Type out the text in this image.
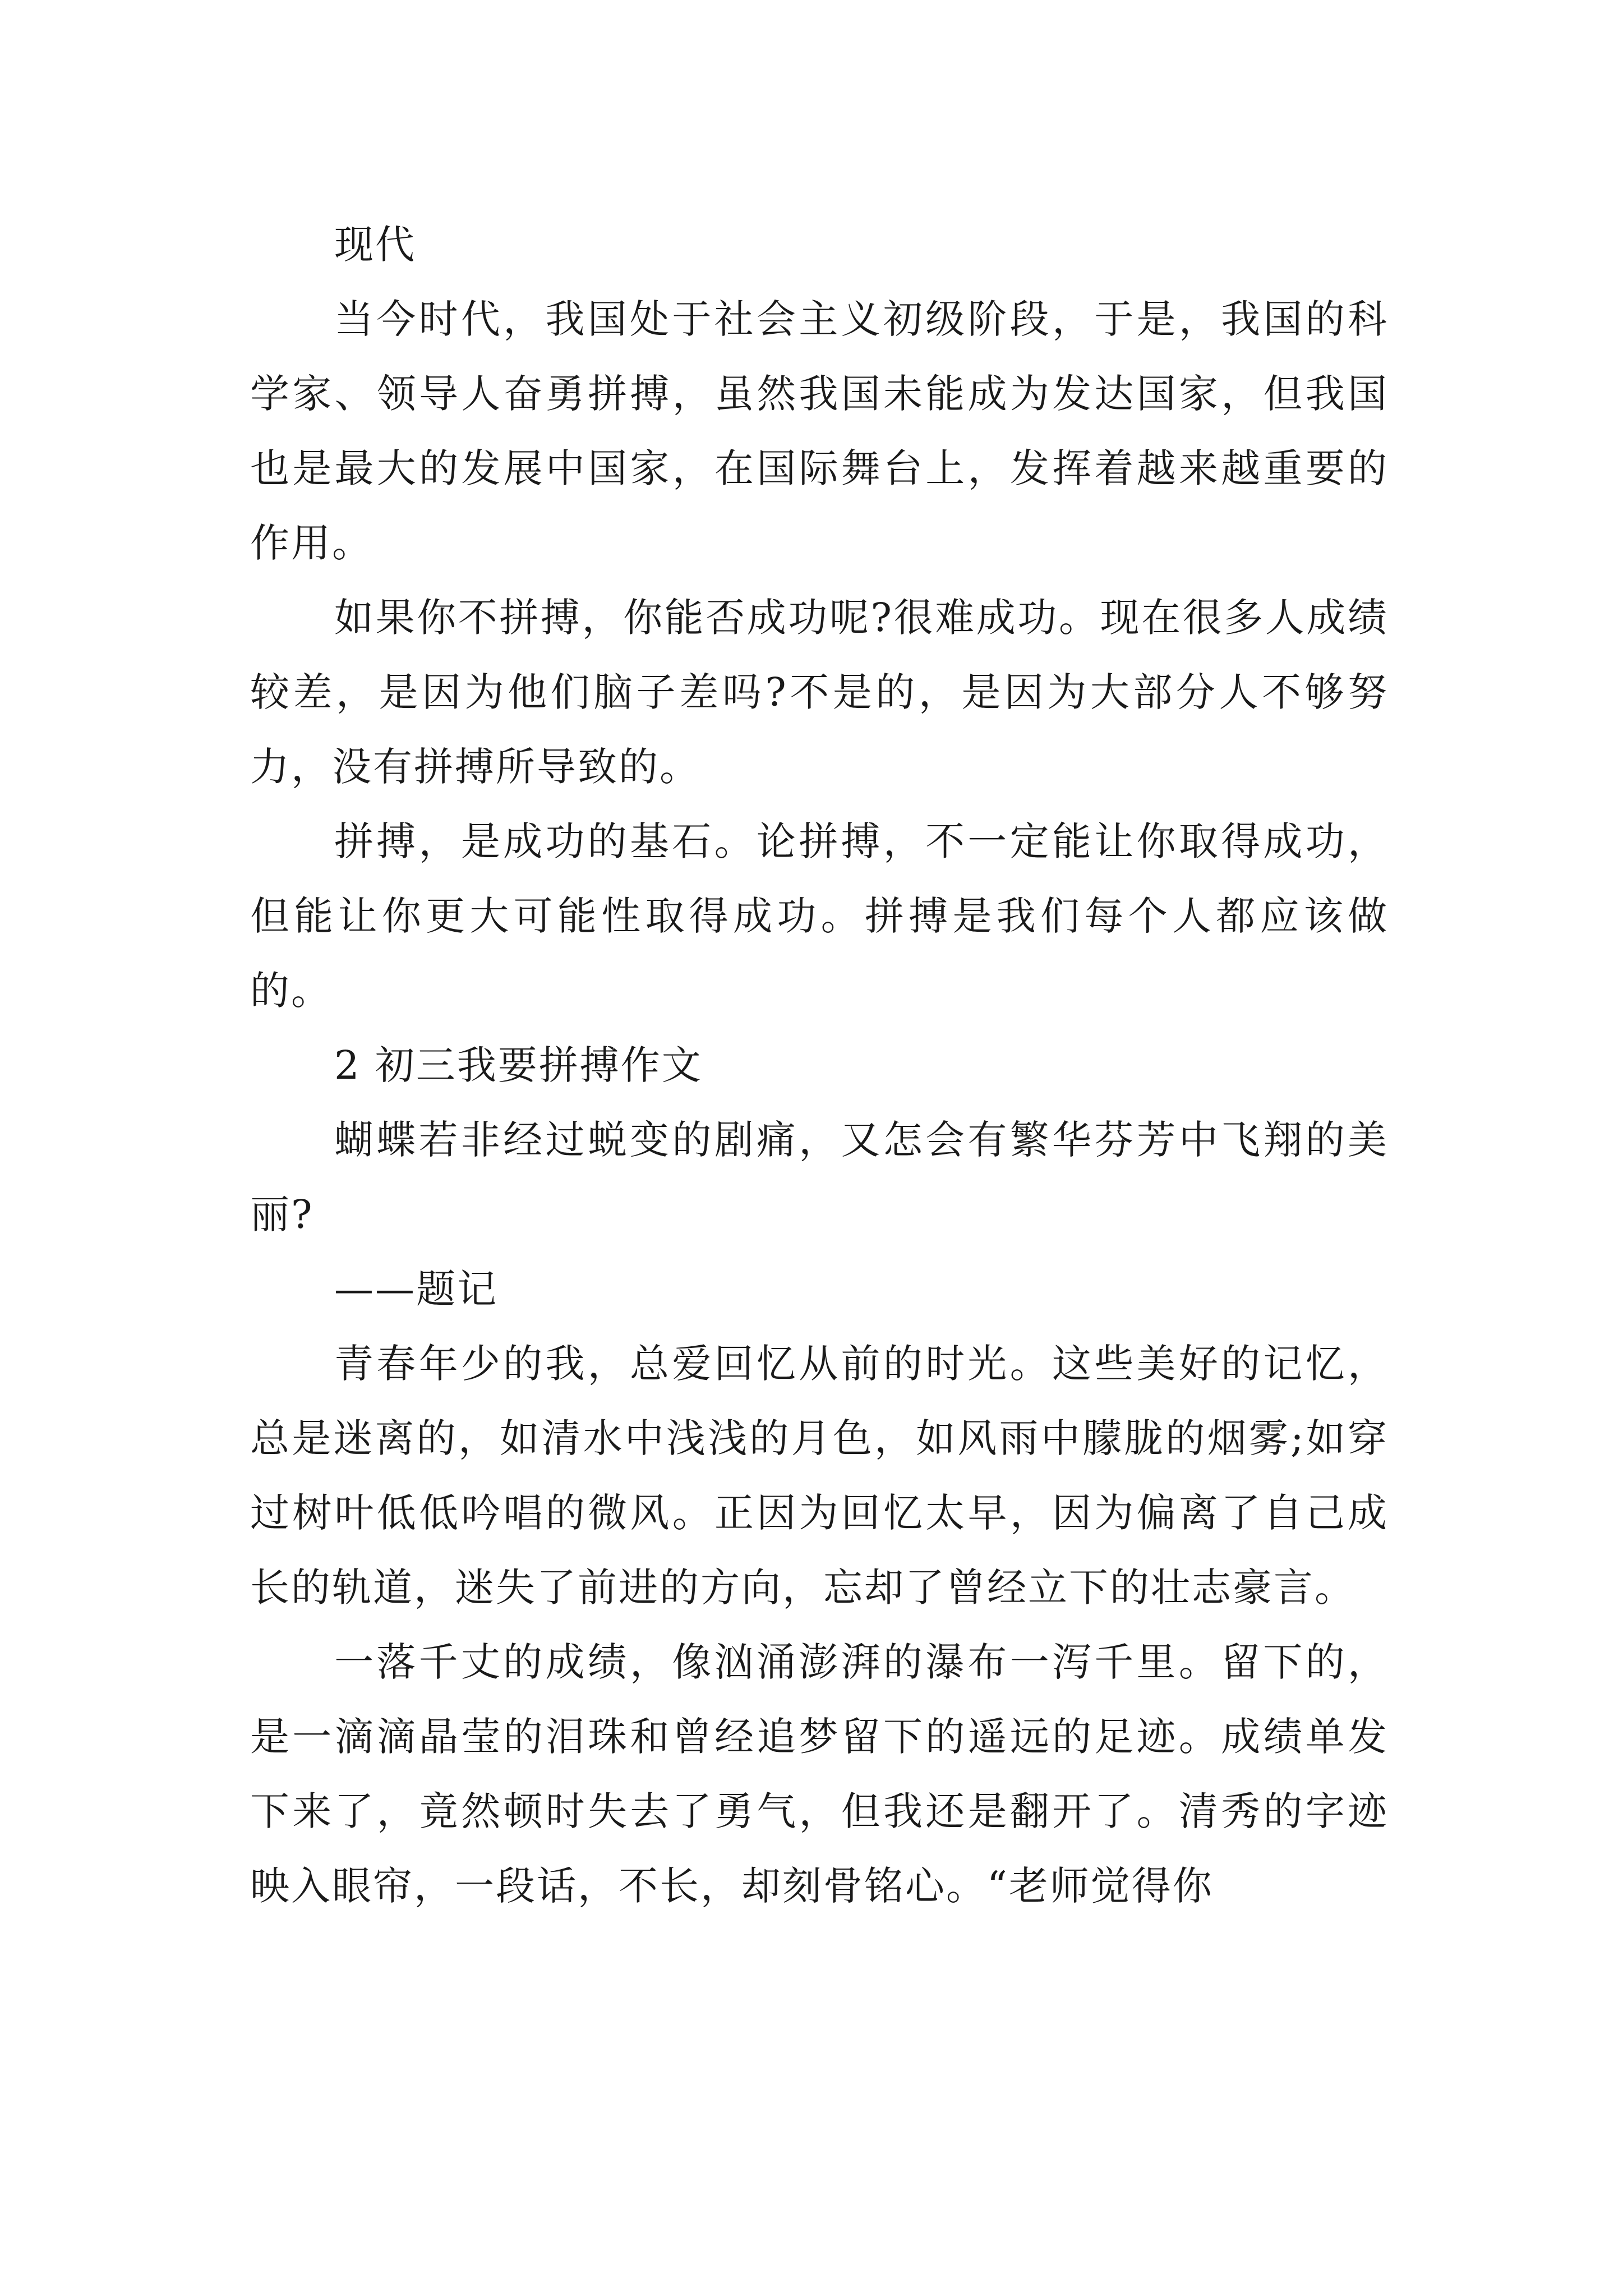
现代

当今时代，我国处于社会主义初级阶段，于是，我国的科学家、领导人奋勇拼搏，虽然我国未能成为发达国家，但我国也是最大的发展中国家，在国际舞台上，发挥着越来越重要的作用。

如果你不拼搏，你能否成功呢?很难成功。现在很多人成绩较差，是因为他们脑子差吗?不是的，是因为大部分人不够努力，没有拼搏所导致的。

拼搏，是成功的基石。论拼搏，不一定能让你取得成功，但能让你更大可能性取得成功。拼搏是我们每个人都应该做的。

2 初三我要拼搏作文

蝴蝶若非经过蜕变的剧痛，又怎会有繁华芬芳中飞翔的美丽?

——题记

青春年少的我，总爱回忆从前的时光。这些美好的记忆，总是迷离的，如清水中浅浅的月色，如风雨中朦胧的烟雾;如穿过树叶低低吟唱的微风。正因为回忆太早，因为偏离了自己成长的轨道，迷失了前进的方向，忘却了曾经立下的壮志豪言。

一落千丈的成绩，像汹涌澎湃的瀑布一泻千里。留下的，是一滴滴晶莹的泪珠和曾经追梦留下的遥远的足迹。成绩单发下来了，竟然顿时失去了勇气，但我还是翻开了。清秀的字迹映入眼帘，一段话，不长，却刻骨铭心。“老师觉得你
